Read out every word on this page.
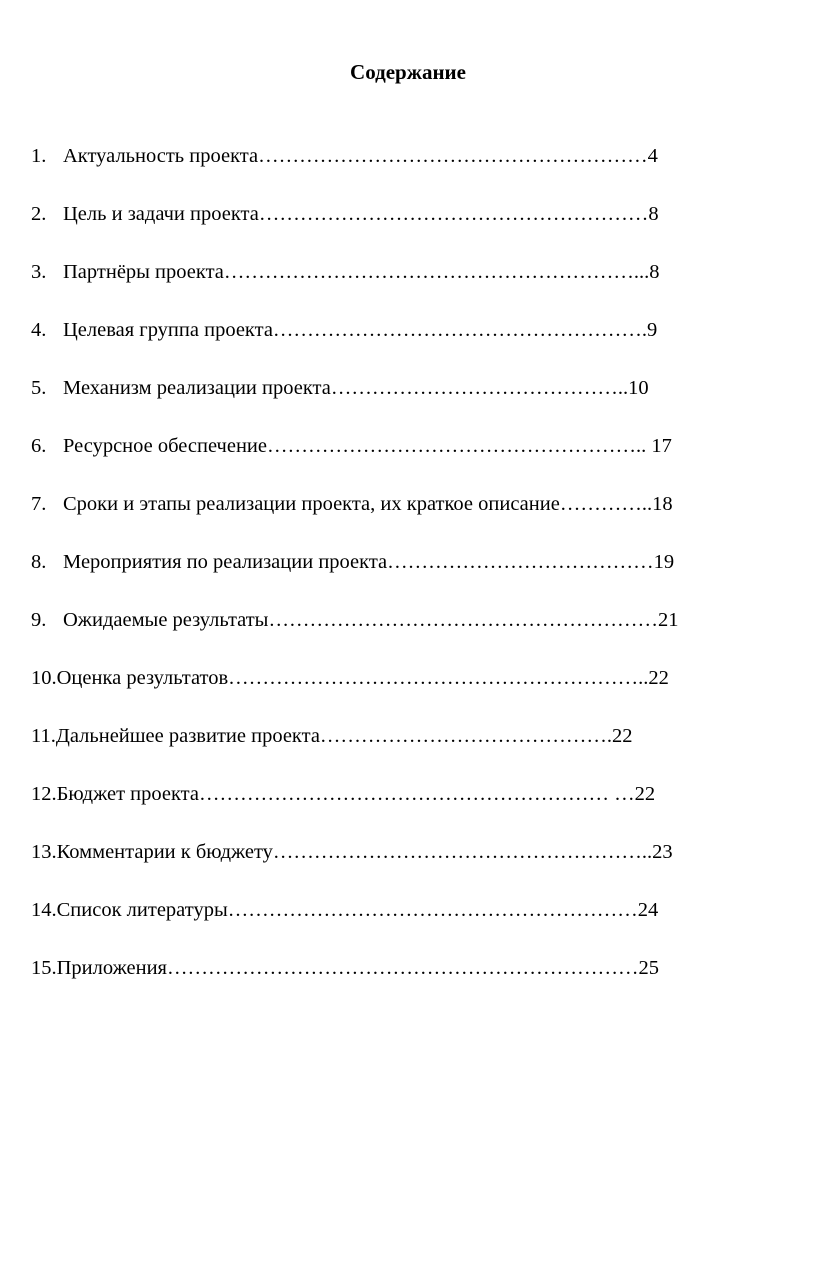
Содержание
1. Актуальность проекта…………………………………………………4
2. Цель и задачи проекта…………………………………………………8
3. Партнёры проекта……………………………………………………...8
4. Целевая группа проекта……………………………………………….9
5. Механизм реализации проекта……………………………………..10
6. Ресурсное обеспечение……………………………………………….. 17
7. Сроки и этапы реализации проекта, их краткое описание…………..18
8. Мероприятия по реализации проекта…………………………………19
9. Ожидаемые результаты…………………………………………………21
10.Оценка результатов……………………………………………………..22
11.Дальнейшее развитие проекта…………………………………….22
12.Бюджет проекта…………………………………………………… …22
13.Комментарии к бюджету………………………………………………..23
14.Список литературы……………………………………………………24
15.Приложения……………………………………………………………25
